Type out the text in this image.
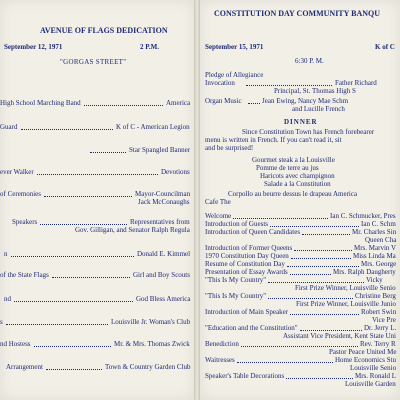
AVENUE OF FLAGS DEDICATION
September 12, 1971	2 P.M.
"GORGAS STREET"
High School Marching Band	America
Guard	K of C - American Legion
Star Spangled Banner
ever Walker	Devotions
of Ceremonies	Mayor-Councilman
Jack McConaughs
Speakers	Representatives from
Gov. Gilligan, and Senator Ralph Regula
n	Donald E. Kimmel
of the State Flags	Girl and Boy Scouts
nd	God Bless America
s	Louisville Jr. Woman's Club
nd Hostess	Mr. & Mrs. Thomas Zwick
Arrangement	Town & Country Garden Club
CONSTITUTION DAY COMMUNITY BANQU
September 15, 1971	K of C
6:30 P. M.
Pledge of Allegiance
Invocation	Father Richard
Principal, St. Thomas High S
Organ Music	Jean Ewing, Nancy Mae Schm
and Lucille French
DINNER
Since Constitution Town has French forebearer
menu is written in French. If you can't read it, sit
and be surprised!
Gourmet steak a la Louisville
Pomme de terre au jus
Haricots avec champignon
Salade a la Constitution
Corpollo au beurre dessus le drapeau America
Cafe The
Welcome	Ian C. Schmucker, Pres
Introduction of Guests	Ian C. Schm
Introduction of Queen Candidates	Mr. Charles Sin
Queen Cha
Introduction of Former Queens	Mrs. Marvin V
1970 Constitution Day Queen	Miss Linda Ma
Resume of Constitution Day	Mrs. George
Presentation of Essay Awards	Mrs. Ralph Daugherty
"This Is My Country"	Vicky
First Prize Winner, Louisville Senio
"This Is My Country"	Christine Berg
First Prize Winner, Louisville Junio
Introduction of Main Speaker	Robert Swin
Vice Pre
"Education and the Constitution"	Dr. Jerry L.
Assistant Vice President, Kent State Uni
Benediction	Rev. Terry R
Pastor Peace United Me
Waitresses	Home Economics Stu
Louisville Senio
Speaker's Table Decorations	Mrs. Ronald L
Louisville Garden
